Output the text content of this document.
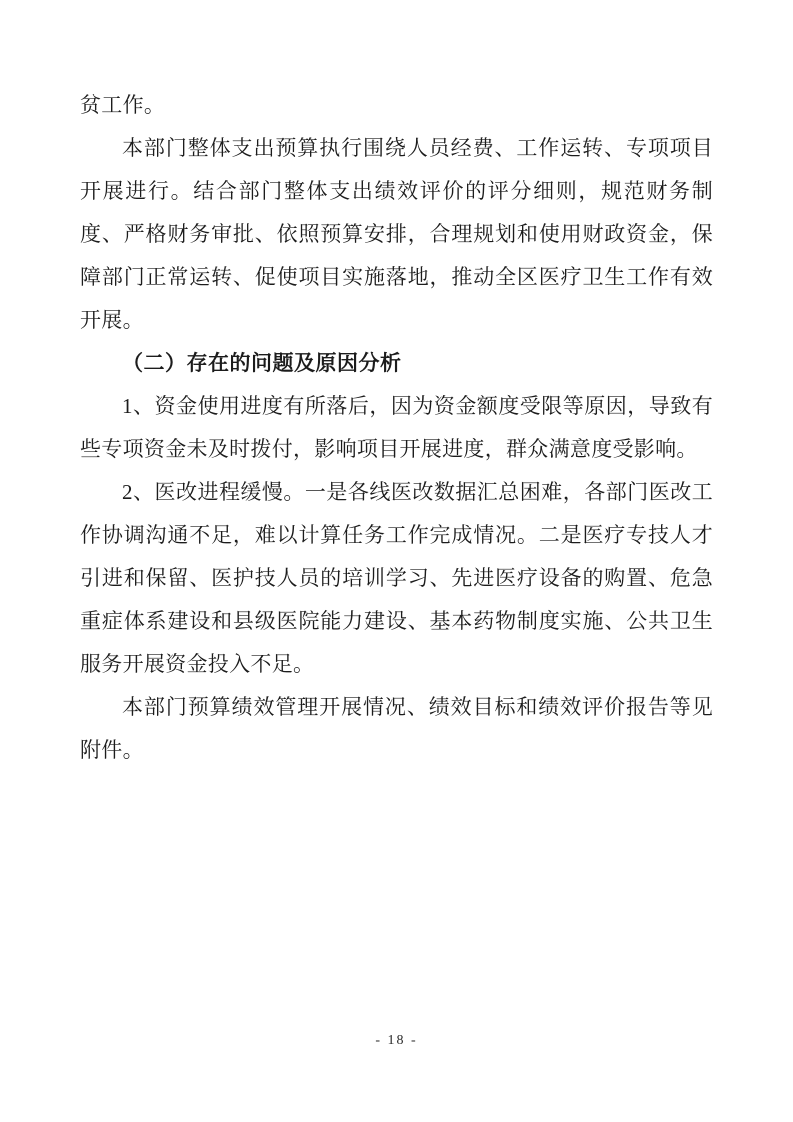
贫工作。

本部门整体支出预算执行围绕人员经费、工作运转、专项项目开展进行。结合部门整体支出绩效评价的评分细则，规范财务制度、严格财务审批、依照预算安排，合理规划和使用财政资金，保障部门正常运转、促使项目实施落地，推动全区医疗卫生工作有效开展。

（二）存在的问题及原因分析

1、资金使用进度有所落后，因为资金额度受限等原因，导致有些专项资金未及时拨付，影响项目开展进度，群众满意度受影响。

2、医改进程缓慢。一是各线医改数据汇总困难，各部门医改工作协调沟通不足，难以计算任务工作完成情况。二是医疗专技人才引进和保留、医护技人员的培训学习、先进医疗设备的购置、危急重症体系建设和县级医院能力建设、基本药物制度实施、公共卫生服务开展资金投入不足。

本部门预算绩效管理开展情况、绩效目标和绩效评价报告等见附件。

- 18 -
